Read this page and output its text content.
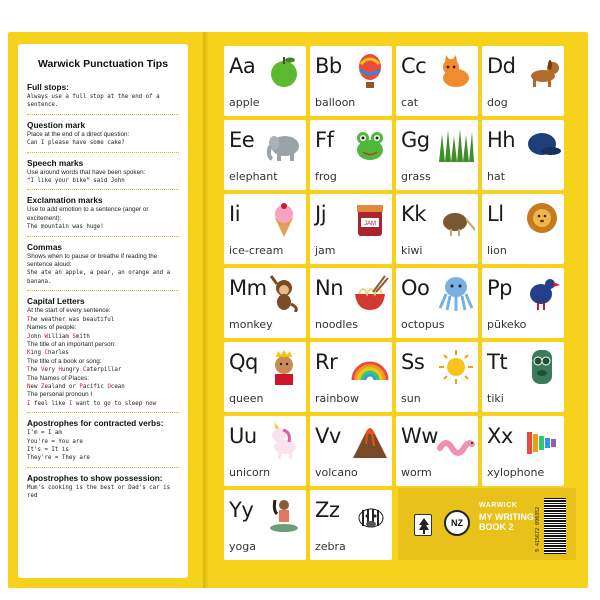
Warwick Punctuation Tips
Full stops:
Always use a full stop at the end of a sentence.
Question mark
Place at the end of a direct question:
Can I please have some cake?
Speech marks
Use around words that have been spoken:
“I like your bike” said John
Exclamation marks
Use to add emotion to a sentence (anger or excitement):
The mountain was huge!
Commas
Shows when to pause or breathe if reading the sentence aloud:
She ate an apple, a pear, an orange and a banana.
Capital Letters
At the start of every sentence:
The weather was beautiful
Names of people:
John William Smith
The title of an important person:
King Charles
The title of a book or song:
The Very Hungry Caterpillar
The Names of Places:
New Zealand or Pacific Ocean
The personal pronoun I
I feel like I want to go to sleep now
Apostrophes for contracted verbs:
I'm = I am
You're = You are
It's = It is
They're = They are
Apostrophes to show possession:
Mum's cooking is the best or Dad's car is red
Aa
apple
Bb
balloon
Cc
cat
Dd
dog
Ee
elephant
Ff
frog
Gg
grass
Hh
hat
Ii
ice-cream
Jj
jam
JAM Kk
kiwi
Ll
lion
Mm
monkey
Nn
noodles
Oo
octopus
Pp
pūkeko
Qq
queen
Rr
rainbow
Ss
sun
Tt
tiki
Uu
unicorn
Vv
volcano
Ww
worm
Xx
xylophone
Yy
yoga
Zz
zebra
NZ
WARWICK
MY WRITING BOOK 2	9 415672 090352
